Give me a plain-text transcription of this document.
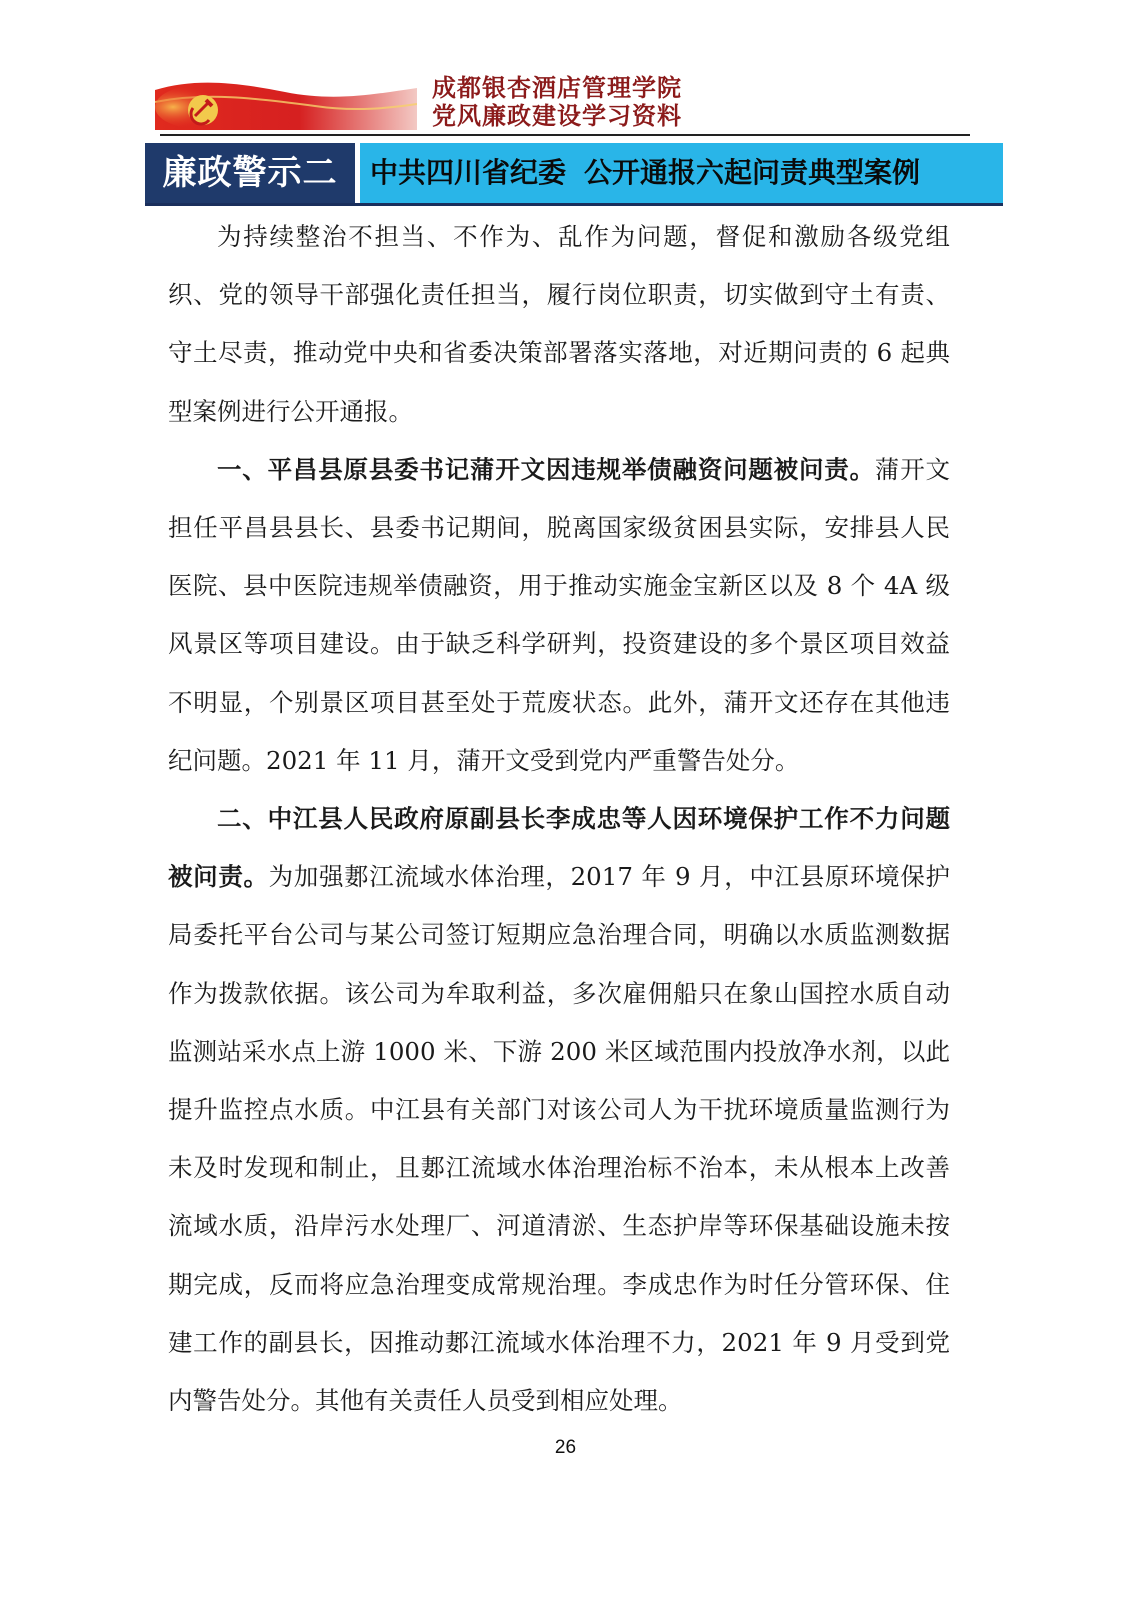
成都银杏酒店管理学院
党风廉政建设学习资料
廉政警示二	中共四川省纪委 公开通报六起问责典型案例

为持续整治不担当、不作为、乱作为问题，督促和激励各级党组织、党的领导干部强化责任担当，履行岗位职责，切实做到守土有责、守土尽责，推动党中央和省委决策部署落实落地，对近期问责的 6 起典型案例进行公开通报。

一、平昌县原县委书记蒲开文因违规举债融资问题被问责。蒲开文担任平昌县县长、县委书记期间，脱离国家级贫困县实际，安排县人民医院、县中医院违规举债融资，用于推动实施金宝新区以及 8 个 4A 级风景区等项目建设。由于缺乏科学研判，投资建设的多个景区项目效益不明显，个别景区项目甚至处于荒废状态。此外，蒲开文还存在其他违纪问题。2021 年 11 月，蒲开文受到党内严重警告处分。

二、中江县人民政府原副县长李成忠等人因环境保护工作不力问题被问责。为加强郪江流域水体治理，2017 年 9 月，中江县原环境保护局委托平台公司与某公司签订短期应急治理合同，明确以水质监测数据作为拨款依据。该公司为牟取利益，多次雇佣船只在象山国控水质自动监测站采水点上游 1000 米、下游 200 米区域范围内投放净水剂，以此提升监控点水质。中江县有关部门对该公司人为干扰环境质量监测行为未及时发现和制止，且郪江流域水体治理治标不治本，未从根本上改善流域水质，沿岸污水处理厂、河道清淤、生态护岸等环保基础设施未按期完成，反而将应急治理变成常规治理。李成忠作为时任分管环保、住建工作的副县长，因推动郪江流域水体治理不力，2021 年 9 月受到党内警告处分。其他有关责任人员受到相应处理。

26
